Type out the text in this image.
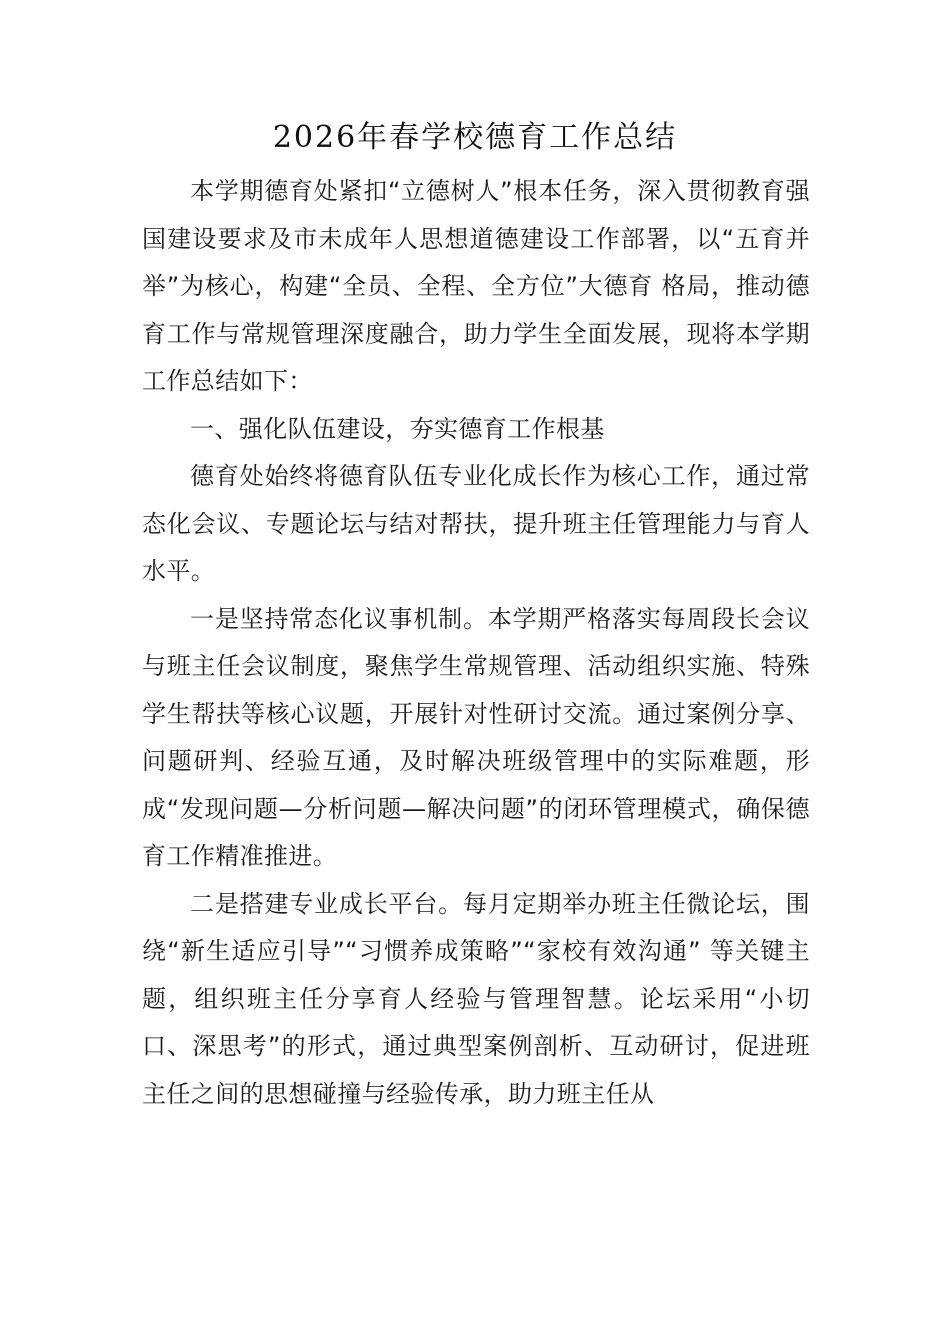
2026年春学校德育工作总结

本学期德育处紧扣“立德树人”根本任务，深入贯彻教育强国建设要求及市未成年人思想道德建设工作部署，以“五育并举”为核心，构建“全员、全程、全方位”大德育 格局，推动德育工作与常规管理深度融合，助力学生全面发展，现将本学期工作总结如下：

一、强化队伍建设，夯实德育工作根基

德育处始终将德育队伍专业化成长作为核心工作，通过常态化会议、专题论坛与结对帮扶，提升班主任管理能力与育人水平。

一是坚持常态化议事机制。本学期严格落实每周段长会议与班主任会议制度，聚焦学生常规管理、活动组织实施、特殊学生帮扶等核心议题，开展针对性研讨交流。通过案例分享、问题研判、经验互通，及时解决班级管理中的实际难题，形成“发现问题—分析问题—解决问题”的闭环管理模式，确保德育工作精准推进。

二是搭建专业成长平台。每月定期举办班主任微论坛，围绕“新生适应引导”“习惯养成策略”“家校有效沟通” 等关键主题，组织班主任分享育人经验与管理智慧。论坛采用“小切口、深思考”的形式，通过典型案例剖析、互动研讨，促进班主任之间的思想碰撞与经验传承，助力班主任从
